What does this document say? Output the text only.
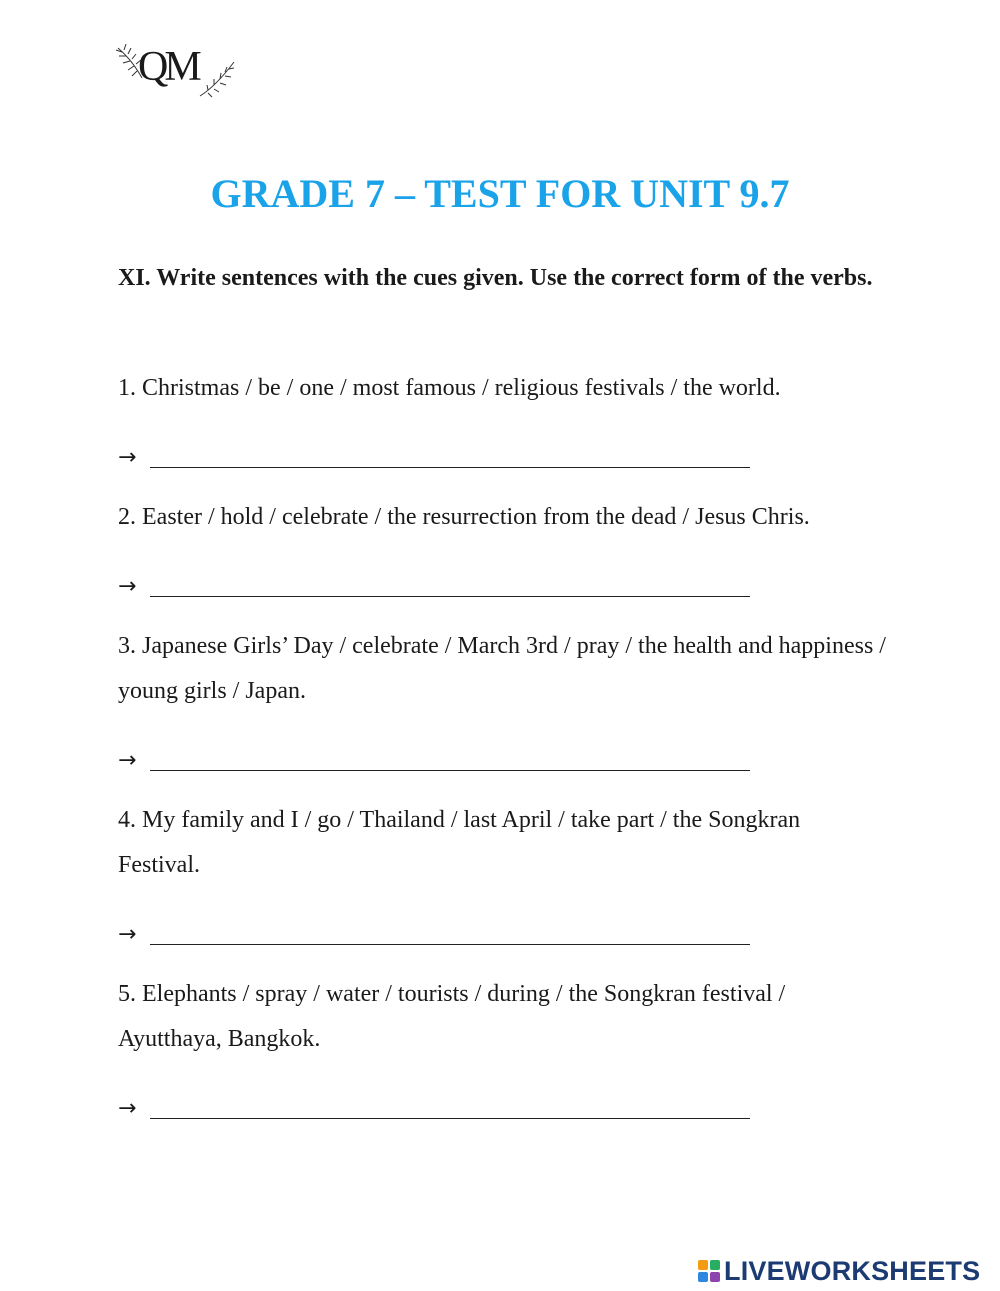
QM
GRADE 7 – TEST FOR UNIT 9.7

XI. Write sentences with the cues given. Use the correct form of the verbs.

1. Christmas / be / one / most famous / religious festivals / the world.

→

2. Easter / hold / celebrate / the resurrection from the dead / Jesus Chris.

→

3. Japanese Girls’ Day / celebrate / March 3rd / pray / the health and happiness / young girls / Japan.

→

4. My family and I / go / Thailand / last April / take part / the Songkran Festival.

→

5. Elephants / spray / water / tourists / during / the Songkran festival / Ayutthaya, Bangkok.

→
LIVEWORKSHEETS
